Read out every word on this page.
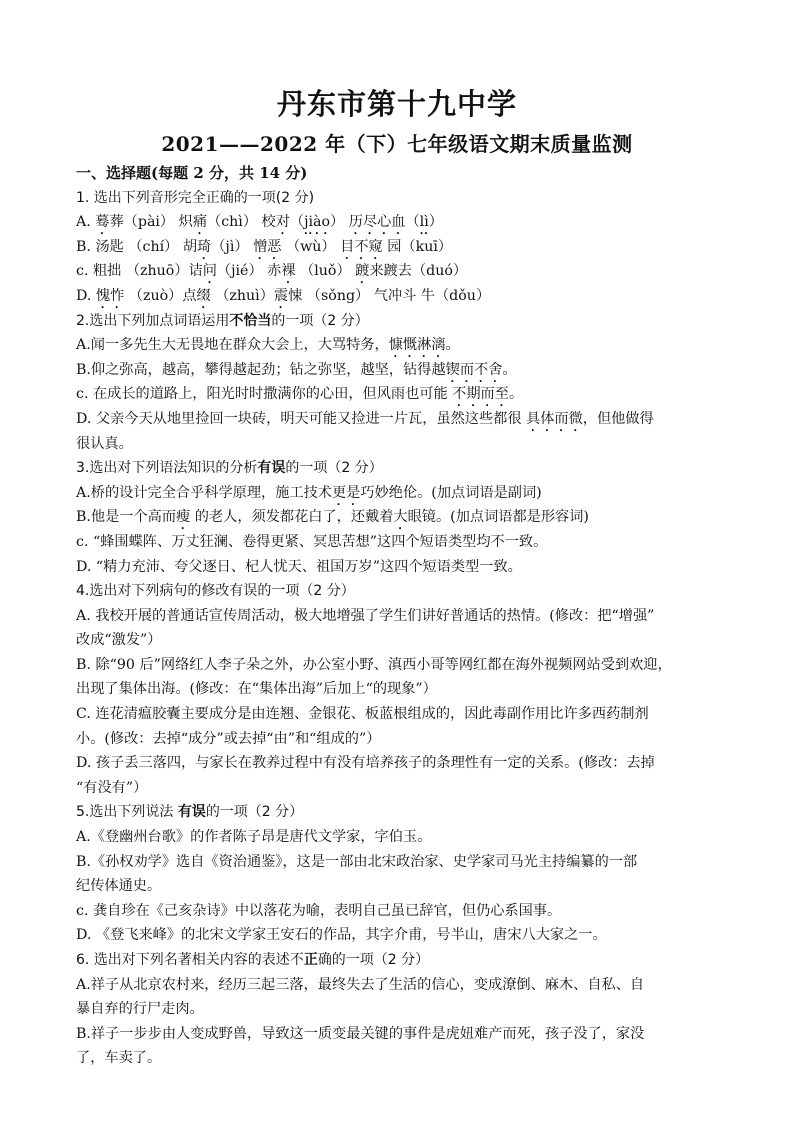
丹东市第十九中学
2021——2022 年（下）七年级语文期末质量监测
一、选择题(每题 2 分，共 14 分)
1. 选出下列音形完全正确的一项(2 分)
A. 蓦葬（pài） 炽痛（chì） 校对（jiào） 历尽心血（lì）
B. 汤匙 （chí） 胡琦（jì） 憎恶 （wù） 目不窥 园（kuī）
c. 粗拙 （zhuō）诘问（jié） 赤裸 （luǒ） 踱来踱去（duó）
D. 愧怍 （zuò）点缀 （zhuì）震悚 （sǒng） 气冲斗 牛（dǒu）
2.选出下列加点词语运用不恰当的一项（2 分）
A.闻一多先生大无畏地在群众大会上，大骂特务，慷慨淋漓。
B.仰之弥高，越高，攀得越起劲；钻之弥坚，越坚，钻得越锲而不舍。
c. 在成长的道路上，阳光时时撒满你的心田，但风雨也可能 不期而至。
D. 父亲今天从地里捡回一块砖，明天可能又捡进一片瓦，虽然这些都很 具体而微，但他做得
很认真。
3.选出对下列语法知识的分析有误的一项（2 分）
A.桥的设计完全合乎科学原理，施工技术更是巧妙绝伦。(加点词语是副词)
B.他是一个高而瘦 的老人，须发都花白了，还戴着大眼镜。(加点词语都是形容词)
c. “蜂围蝶阵、万丈狂澜、卷得更紧、冥思苦想”这四个短语类型均不一致。
D. “精力充沛、夸父逐日、杞人忧天、祖国万岁”这四个短语类型一致。
4.选出对下列病句的修改有误的一项（2 分）
A. 我校开展的普通话宣传周活动，极大地增强了学生们讲好普通话的热情。(修改：把“增强”
改成“激发”）
B. 除“90 后”网络红人李子朵之外，办公室小野、滇西小哥等网红都在海外视频网站受到欢迎，
出现了集体出海。(修改：在“集体出海”后加上“的现象”）
C. 连花清瘟胶囊主要成分是由连翘、金银花、板蓝根组成的，因此毒副作用比许多西药制剂
小。(修改：去掉“成分”或去掉“由”和“组成的”）
D. 孩子丢三落四，与家长在教养过程中有没有培养孩子的条理性有一定的关系。(修改：去掉
“有没有”）
5.选出下列说法 有误的一项（2 分）
A.《登幽州台歌》的作者陈子昂是唐代文学家，字伯玉。
B.《孙权劝学》选自《资治通鉴》，这是一部由北宋政治家、史学家司马光主持编纂的一部
纪传体通史。
c. 龚自珍在《己亥杂诗》中以落花为喻，表明自己虽已辞官，但仍心系国事。
D. 《登飞来峰》的北宋文学家王安石的作品，其字介甫，号半山，唐宋八大家之一。
6. 选出对下列名著相关内容的表述不正确的一项（2 分）
A.祥子从北京农村来，经历三起三落，最终失去了生活的信心，变成潦倒、麻木、自私、自
暴自弃的行尸走肉。
B.祥子一步步由人变成野兽，导致这一质变最关键的事件是虎妞难产而死，孩子没了，家没
了，车卖了。
